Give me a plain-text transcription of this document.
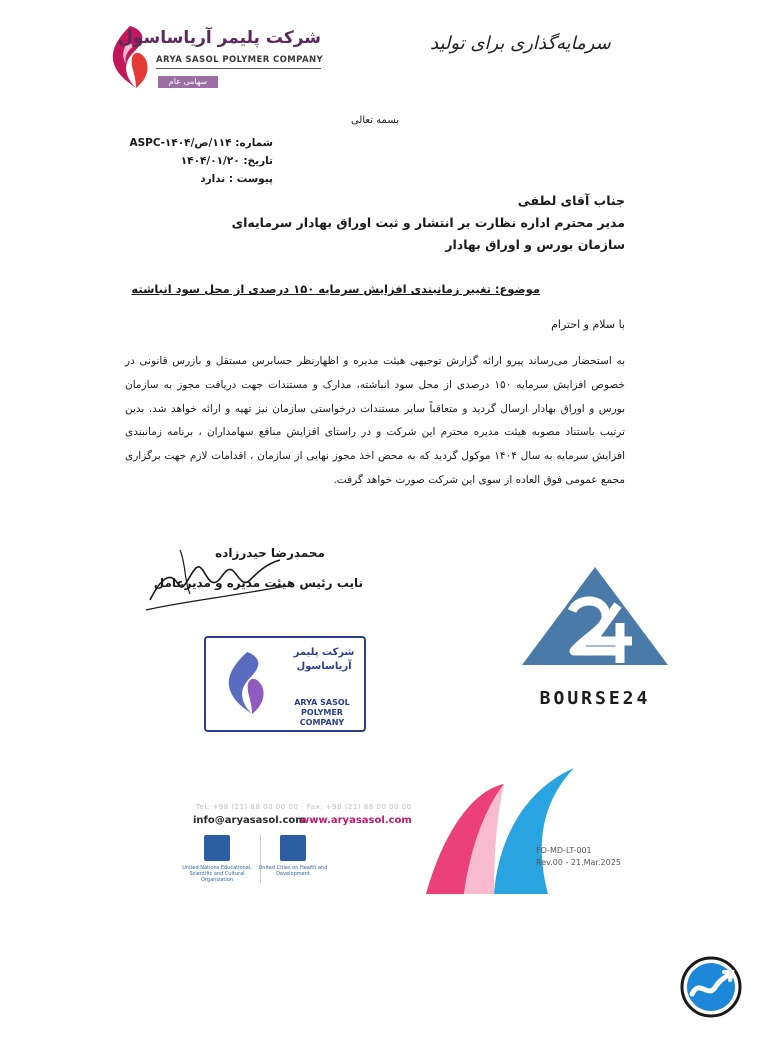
شرکت پلیمر آریاساسول
ARYA SASOL POLYMER COMPANY
سهامی عام
سرمایه‌گذاری برای تولید
بسمه تعالی
شماره: ۱۱۴/ص/۱۴۰۴-ASPC
تاریخ: ۱۴۰۴/۰۱/۲۰
پیوست : ندارد
جناب آقای لطفی
مدیر محترم اداره نظارت بر انتشار و ثبت اوراق بهادار سرمایه‌ای
سازمان بورس و اوراق بهادار
موضوع: تغییر زمانبندی افزایش سرمایه ۱۵۰ درصدی از محل سود انباشته
با سلام و احترام
به استحضار می‌رساند پیرو ارائه گزارش توجیهی هیئت مدیره و اظهارنظر حسابرس مستقل و بازرس قانونی در خصوص افزایش سرمایه ۱۵۰ درصدی از محل سود انباشته، مدارک و مستندات جهت دریافت مجوز به سازمان بورس و اوراق بهادار ارسال گردید و متعاقباً سایر مستندات درخواستی سازمان نیز تهیه و ارائه خواهد شد. بدین ترتیب باستناد مصوبه هیئت مدیره محترم این شرکت و در راستای افزایش منافع سهامداران ، برنامه زمانبندی افزایش سرمایه به سال ۱۴۰۴ موکول گردید که به محض اخذ مجوز نهایی از سازمان ، اقدامات لازم جهت برگزاری مجمع عمومی فوق العاده از سوی این شرکت صورت خواهد گرفت.
محمدرضا حیدرزاده
نایب رئیس هیئت مدیره و مدیرعامل
شرکت پلیمر
آریاساسول
ARYA SASOL
POLYMER COMPANY
BOURSE24
Tel: +98 (21) 88 00 00 00 - Fax: +98 (21) 88 00 00 00
info@aryasasol.com
www.aryasasol.com
United Nations Educational, Scientific and Cultural Organization
United Cities on Health and Development
FO-MD-LT-001
Rev.00 - 21.Mar.2025
